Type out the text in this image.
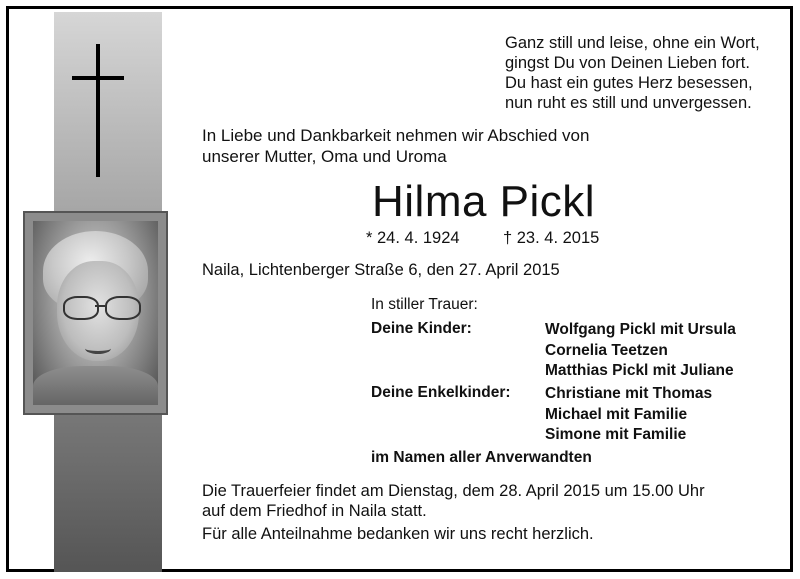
Ganz still und leise, ohne ein Wort,
gingst Du von Deinen Lieben fort.
Du hast ein gutes Herz besessen,
nun ruht es still und unvergessen.
In Liebe und Dankbarkeit nehmen wir Abschied von
unserer Mutter, Oma und Uroma
Hilma Pickl
* 24. 4. 1924	† 23. 4. 2015
Naila, Lichtenberger Straße 6, den 27. April 2015
In stiller Trauer:
Deine Kinder:	Wolfgang Pickl mit Ursula
Cornelia Teetzen
Matthias Pickl mit Juliane
Deine Enkelkinder: Christiane mit Thomas
Michael mit Familie
Simone mit Familie
im Namen aller Anverwandten
Die Trauerfeier findet am Dienstag, dem 28. April 2015 um 15.00 Uhr
auf dem Friedhof in Naila statt.
Für alle Anteilnahme bedanken wir uns recht herzlich.
